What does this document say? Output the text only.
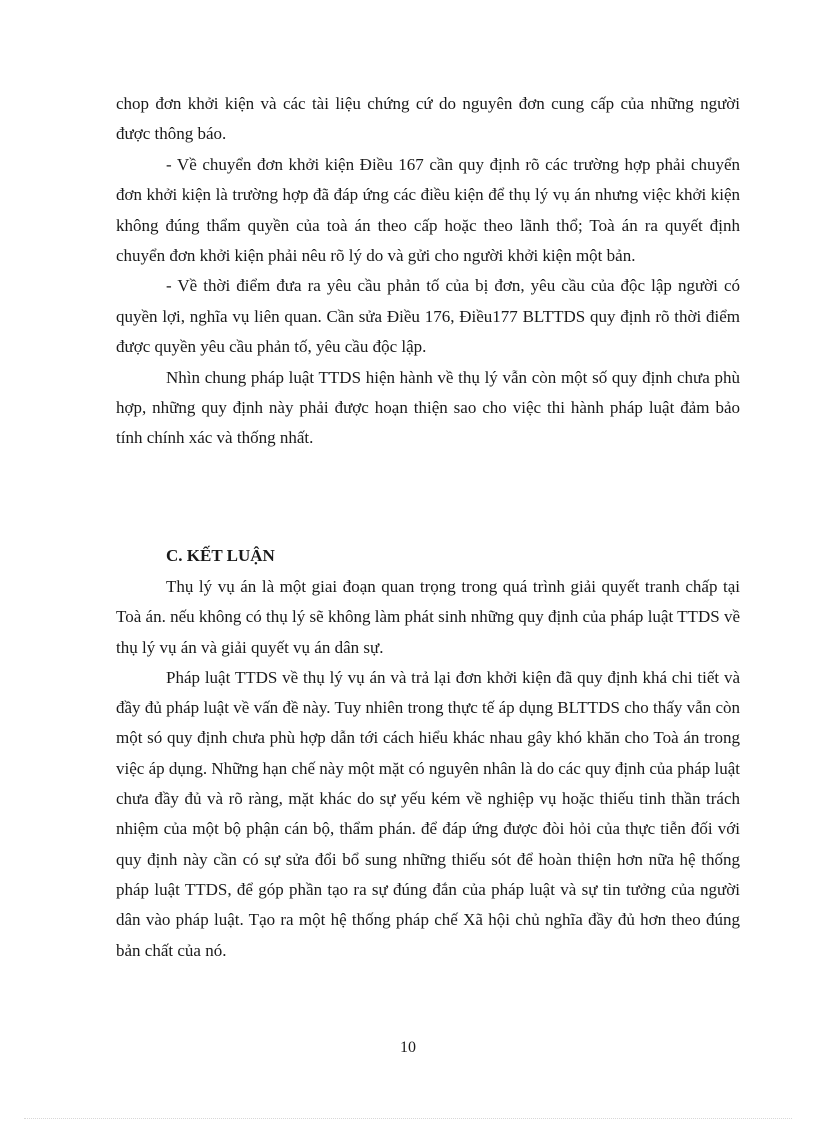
chop đơn khởi kiện và các tài liệu chứng cứ do nguyên đơn cung cấp của những người được thông báo.

- Về chuyển đơn khởi kiện Điều 167 cần quy định rõ các trường hợp phải chuyển đơn khởi kiện là trường hợp đã đáp ứng các điều kiện để thụ lý vụ án nhưng việc khởi kiện không đúng thẩm quyền của toà án theo cấp hoặc theo lãnh thổ; Toà án ra quyết định chuyển đơn khởi kiện phải nêu rõ lý do và gửi cho người khởi kiện một bản.

- Về thời điểm đưa ra yêu cầu phản tố của bị đơn, yêu cầu của độc lập người có quyền lợi, nghĩa vụ liên quan. Cần sửa Điều 176, Điều177 BLTTDS quy định rõ thời điểm được quyền yêu cầu phản tố, yêu cầu độc lập.

Nhìn chung pháp luật TTDS hiện hành về thụ lý vẫn còn một số quy định chưa phù hợp, những quy định này phải được hoạn thiện sao cho việc thi hành pháp luật đảm bảo tính chính xác và thống nhất.

C. KẾT LUẬN

Thụ lý vụ án là một giai đoạn quan trọng trong quá trình giải quyết tranh chấp tại Toà án. nếu không có thụ lý sẽ không làm phát sinh những quy định của pháp luật TTDS về thụ lý vụ án và giải quyết vụ án dân sự.

Pháp luật TTDS về thụ lý vụ án và trả lại đơn khởi kiện đã quy định khá chi tiết và đầy đủ pháp luật về vấn đề này. Tuy nhiên trong thực tế áp dụng BLTTDS cho thấy vẫn còn một só quy định chưa phù hợp dẫn tới cách hiểu khác nhau gây khó khăn cho Toà án trong việc áp dụng. Những hạn chế này một mặt có nguyên nhân là do các quy định của pháp luật chưa đầy đủ và rõ ràng, mặt khác do sự yếu kém về nghiệp vụ hoặc thiếu tinh thần trách nhiệm của một bộ phận cán bộ, thẩm phán. để đáp ứng được đòi hỏi của thực tiễn đối với quy định này cần có sự sửa đổi bổ sung những thiếu sót để hoàn thiện hơn nữa hệ thống pháp luật TTDS, để góp phần tạo ra sự đúng đắn của pháp luật và sự tin tưởng của người dân vào pháp luật. Tạo ra một hệ thống pháp chế Xã hội chủ nghĩa đầy đủ hơn theo đúng bản chất của nó.

10
